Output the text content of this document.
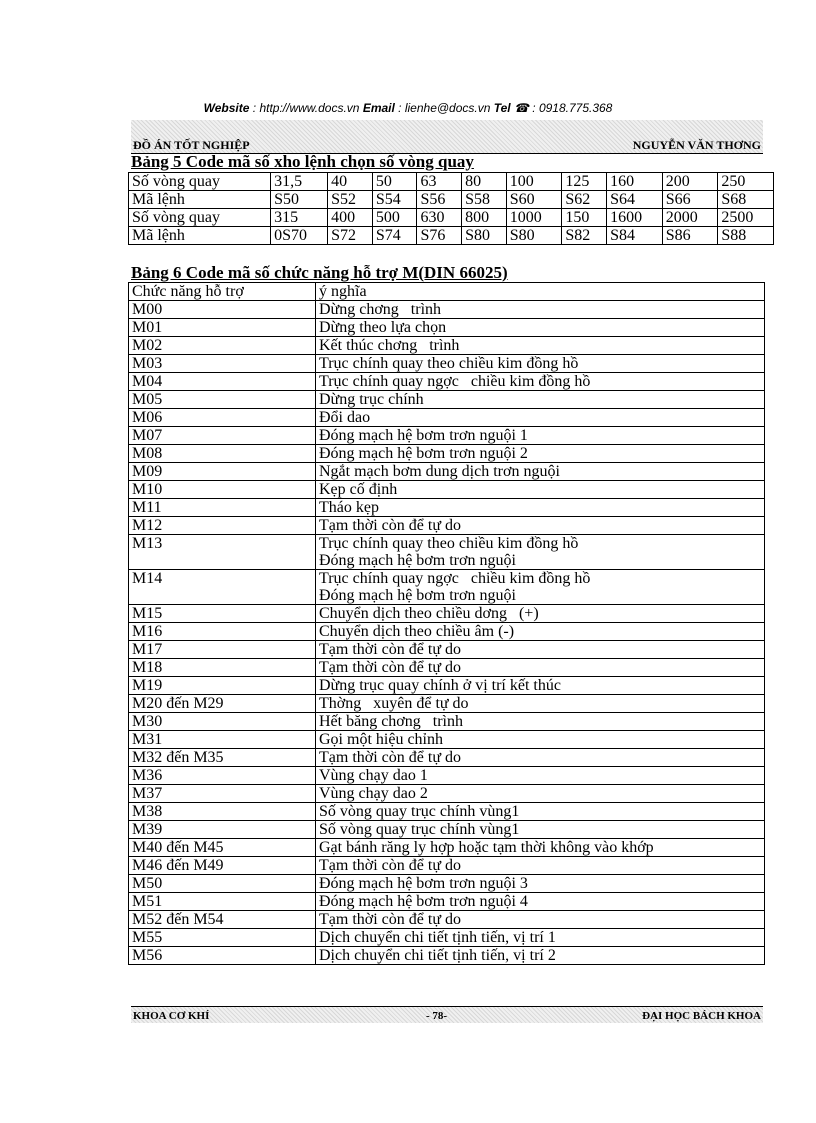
Website : http://www.docs.vn Email : lienhe@docs.vn Tel ☎ : 0918.775.368
ĐỒ ÁN TỐT NGHIỆP	NGUYỄN VĂN THƠNG
Bảng 5 Code mã số xho lệnh chọn số vòng quay
Số vòng quay	31,5	40	50	63	80	100	125	160	200	250
Mã lệnh	S50	S52	S54	S56	S58	S60	S62	S64	S66	S68
Số vòng quay	315	400	500	630	800	1000	150	1600	2000	2500
Mã lệnh	0S70	S72	S74	S76	S80	S80	S82	S84	S86	S88
Bảng 6 Code mã số chức năng hỗ trợ M(DIN 66025)
Chức năng hỗ trợ	ý nghĩa
M00	Dừng chơng   trình
M01	Dừng theo lựa chọn
M02	Kết thúc chơng   trình
M03	Trục chính quay theo chiều kim đồng hồ
M04	Trục chính quay ngợc   chiều kim đồng hồ
M05	Dừng trục chính
M06	Đổi dao
M07	Đóng mạch hệ bơm trơn nguội 1
M08	Đóng mạch hệ bơm trơn nguội 2
M09	Ngắt mạch bơm dung dịch trơn nguội
M10	Kẹp cố định
M11	Tháo kẹp
M12	Tạm thời còn để tự do
M13	Trục chính quay theo chiều kim đồng hồ
Đóng mạch hệ bơm trơn nguội
M14	Trục chính quay ngợc   chiều kim đồng hồ
Đóng mạch hệ bơm trơn nguội
M15	Chuyển dịch theo chiều dơng   (+)
M16	Chuyển dịch theo chiều âm (-)
M17	Tạm thời còn để tự do
M18	Tạm thời còn để tự do
M19	Dừng trục quay chính ở vị trí kết thúc
M20 đến M29	Thờng   xuyên để tự do
M30	Hết băng chơng   trình
M31	Gọi một hiệu chỉnh
M32 đến M35	Tạm thời còn để tự do
M36	Vùng chạy dao 1
M37	Vùng chạy dao 2
M38	Số vòng quay trục chính vùng1
M39	Số vòng quay trục chính vùng1
M40 đến M45	Gạt bánh răng ly hợp hoặc tạm thời không vào khớp
M46 đến M49	Tạm thời còn để tự do
M50	Đóng mạch hệ bơm trơn nguội 3
M51	Đóng mạch hệ bơm trơn nguội 4
M52 đến M54	Tạm thời còn để tự do
M55	Dịch chuyển chi tiết tịnh tiến, vị trí 1
M56	Dịch chuyển chi tiết tịnh tiến, vị trí 2
KHOA CƠ KHÍ	- 78-	ĐẠI HỌC BÁCH KHOA
